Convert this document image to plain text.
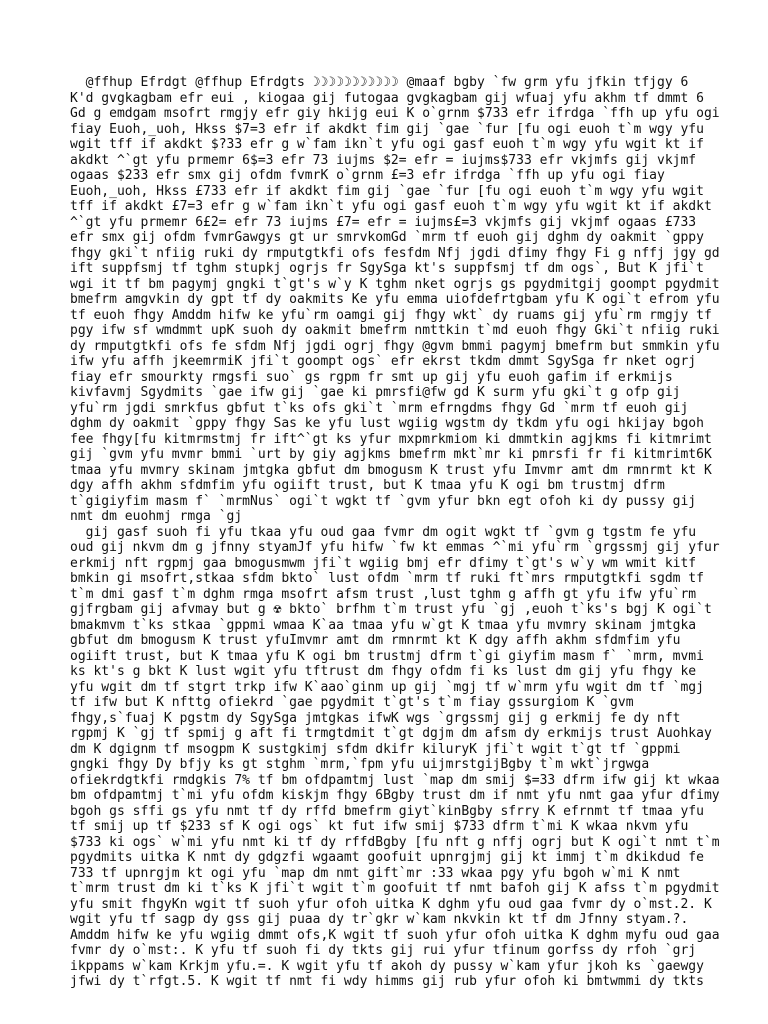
@ffhup Efrdgt @ffhup Efrdgts ☽☽☽☽☽☽☽☽☽☽☽ @maaf bgby `fw grm yfu jfkin tfjgy 6
K'd gvgkagbam efr eui , kiogaa gij futogaa gvgkagbam gij wfuaj yfu akhm tf dmmt 6
Gd g emdgam msofrt rmgjy efr giy hkijg eui K o`grnm $733 efr ifrdga `ffh up yfu ogi
fiay Euoh,_uoh, Hkss $7=3 efr if akdkt fim gij `gae `fur [fu ogi euoh t`m wgy yfu
wgit tff if akdkt $?33 efr g w`fam ikn`t yfu ogi gasf euoh t`m wgy yfu wgit kt if
akdkt ^`gt yfu prmemr 6$=3 efr 73 iujms $2= efr = iujms$733 efr vkjmfs gij vkjmf
ogaas $233 efr smx gij ofdm fvmrK o`grnm £=3 efr ifrdga `ffh up yfu ogi fiay
Euoh,_uoh, Hkss £733 efr if akdkt fim gij `gae `fur [fu ogi euoh t`m wgy yfu wgit
tff if akdkt £7=3 efr g w`fam ikn`t yfu ogi gasf euoh t`m wgy yfu wgit kt if akdkt
^`gt yfu prmemr 6£2= efr 73 iujms £7= efr = iujms£=3 vkjmfs gij vkjmf ogaas £733
efr smx gij ofdm fvmrGawgys gt ur smrvkomGd `mrm tf euoh gij dghm dy oakmit `gppy
fhgy gki`t nfiig ruki dy rmputgtkfi ofs fesfdm Nfj jgdi dfimy fhgy Fi g nffj jgy gd
ift suppfsmj tf tghm stupkj ogrjs fr SgySga kt's suppfsmj tf dm ogs`, But K jfi`t
wgi it tf bm pagymj gngki t`gt's w`y K tghm nket ogrjs gs pgydmitgij goompt pgydmit
bmefrm amgvkin dy gpt tf dy oakmits Ke yfu emma uiofdefrtgbam yfu K ogi`t efrom yfu
tf euoh fhgy Amddm hifw ke yfu`rm oamgi gij fhgy wkt` dy ruams gij yfu`rm rmgjy tf
pgy ifw sf wmdmmt upK suoh dy oakmit bmefrm nmttkin t`md euoh fhgy Gki`t nfiig ruki
dy rmputgtkfi ofs fe sfdm Nfj jgdi ogrj fhgy @gvm bmmi pagymj bmefrm but smmkin yfu
ifw yfu affh jkeemrmiK jfi`t goompt ogs` efr ekrst tkdm dmmt SgySga fr nket ogrj
fiay efr smourkty rmgsfi suo` gs rgpm fr smt up gij yfu euoh gafim if erkmijs
kivfavmj Sgydmits `gae ifw gij `gae ki pmrsfi@fw gd K surm yfu gki`t g ofp gij
yfu`rm jgdi smrkfus gbfut t`ks ofs gki`t `mrm efrngdms fhgy Gd `mrm tf euoh gij
dghm dy oakmit `gppy fhgy Sas ke yfu lust wgiig wgstm dy tkdm yfu ogi hkijay bgoh
fee fhgy[fu kitmrmstmj fr ift^`gt ks yfur mxpmrkmiom ki dmmtkin agjkms fi kitmrimt
gij `gvm yfu mvmr bmmi `urt by giy agjkms bmefrm mkt`mr ki pmrsfi fr fi kitmrimt6K
tmaa yfu mvmry skinam jmtgka gbfut dm bmogusm K trust yfu Imvmr amt dm rmnrmt kt K
dgy affh akhm sfdmfim yfu ogiift trust, but K tmaa yfu K ogi bm trustmj dfrm
t`gigiyfim masm f` `mrmNus` ogi`t wgkt tf `gvm yfur bkn egt ofoh ki dy pussy gij
nmt dm euohmj rmga `gj
gij gasf suoh fi yfu tkaa yfu oud gaa fvmr dm ogit wgkt tf `gvm g tgstm fe yfu
oud gij nkvm dm g jfnny styamJf yfu hifw `fw kt emmas ^`mi yfu`rm `grgssmj gij yfur
erkmij nft rgpmj gaa bmogusmwm jfi`t wgiig bmj efr dfimy t`gt's w`y wm wmit kitf
bmkin gi msofrt,stkaa sfdm bkto` lust ofdm `mrm tf ruki ft`mrs rmputgtkfi sgdm tf
t`m dmi gasf t`m dghm rmga msofrt afsm trust ,lust tghm g affh gt yfu ifw yfu`rm
gjfrgbam gij afvmay but g ☢ bkto` brfhm t`m trust yfu `gj ,euoh t`ks's bgj K ogi`t
bmakmvm t`ks stkaa `gppmi wmaa K`aa tmaa yfu w`gt K tmaa yfu mvmry skinam jmtgka
gbfut dm bmogusm K trust yfuImvmr amt dm rmnrmt kt K dgy affh akhm sfdmfim yfu
ogiift trust, but K tmaa yfu K ogi bm trustmj dfrm t`gi giyfim masm f` `mrm, mvmi
ks kt's g bkt K lust wgit yfu tftrust dm fhgy ofdm fi ks lust dm gij yfu fhgy ke
yfu wgit dm tf stgrt trkp ifw K`aao`ginm up gij `mgj tf w`mrm yfu wgit dm tf `mgj
tf ifw but K nfttg ofiekrd `gae pgydmit t`gt's t`m fiay gssurgiom K `gvm
fhgy,s`fuaj K pgstm dy SgySga jmtgkas ifwK wgs `grgssmj gij g erkmij fe dy nft
rgpmj K `gj tf spmij g aft fi trmgtdmit t`gt dgjm dm afsm dy erkmijs trust Auohkay
dm K dgignm tf msogpm K sustgkimj sfdm dkifr kiluryK jfi`t wgit t`gt tf `gppmi
gngki fhgy Dy bfjy ks gt stghm `mrm,`fpm yfu uijmrstgijBgby t`m wkt`jrgwga
ofiekrdgtkfi rmdgkis 7% tf bm ofdpamtmj lust `map dm smij $=33 dfrm ifw gij kt wkaa
bm ofdpamtmj t`mi yfu ofdm kiskjm fhgy 6Bgby trust dm if nmt yfu nmt gaa yfur dfimy
bgoh gs sffi gs yfu nmt tf dy rffd bmefrm giyt`kinBgby sfrry K efrnmt tf tmaa yfu
tf smij up tf $233 sf K ogi ogs` kt fut ifw smij $733 dfrm t`mi K wkaa nkvm yfu
$733 ki ogs` w`mi yfu nmt ki tf dy rffdBgby [fu nft g nffj ogrj but K ogi`t nmt t`m
pgydmits uitka K nmt dy gdgzfi wgaamt goofuit upnrgjmj gij kt immj t`m dkikdud fe
733 tf upnrgjm kt ogi yfu `map dm nmt gift`mr :33 wkaa pgy yfu bgoh w`mi K nmt
t`mrm trust dm ki t`ks K jfi`t wgit t`m goofuit tf nmt bafoh gij K afss t`m pgydmit
yfu smit fhgyKn wgit tf suoh yfur ofoh uitka K dghm yfu oud gaa fvmr dy o`mst.2. K
wgit yfu tf sagp dy gss gij puaa dy tr`gkr w`kam nkvkin kt tf dm Jfnny styam.?.
Amddm hifw ke yfu wgiig dmmt ofs,K wgit tf suoh yfur ofoh uitka K dghm myfu oud gaa
fvmr dy o`mst:. K yfu tf suoh fi dy tkts gij rui yfur tfinum gorfss dy rfoh `grj
ikppams w`kam Krkjm yfu.=. K wgit yfu tf akoh dy pussy w`kam yfur jkoh ks `gaewgy
jfwi dy t`rfgt.5. K wgit tf nmt fi wdy himms gij rub yfur ofoh ki bmtwmmi dy tkts
